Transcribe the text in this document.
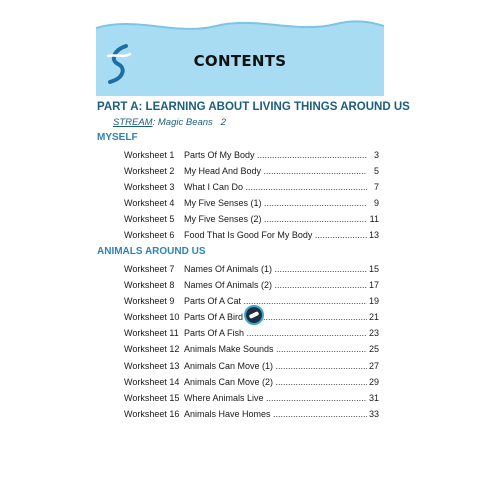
CONTENTS
PART A: LEARNING ABOUT LIVING THINGS AROUND US
STREAM: Magic Beans 2
MYSELF
ANIMALS AROUND US
Worksheet 1 Parts Of My Body .....	3
Worksheet 2 My Head And Body .....	5
Worksheet 3 What I Can Do .....	7
Worksheet 4 My Five Senses (1) .....	9
Worksheet 5 My Five Senses (2) .....	11
Worksheet 6 Food That Is Good For My Body .....	13
Worksheet 7 Names Of Animals (1) .....	15
Worksheet 8 Names Of Animals (2) .....	17
Worksheet 9 Parts Of A Cat .....	19
Worksheet 10 Parts Of A Bird .....	21
Worksheet 11 Parts Of A Fish .....	23
Worksheet 12 Animals Make Sounds .....	25
Worksheet 13 Animals Can Move (1) .....	27
Worksheet 14 Animals Can Move (2) .....	29
Worksheet 15 Where Animals Live .....	31
Worksheet 16 Animals Have Homes .....	33
